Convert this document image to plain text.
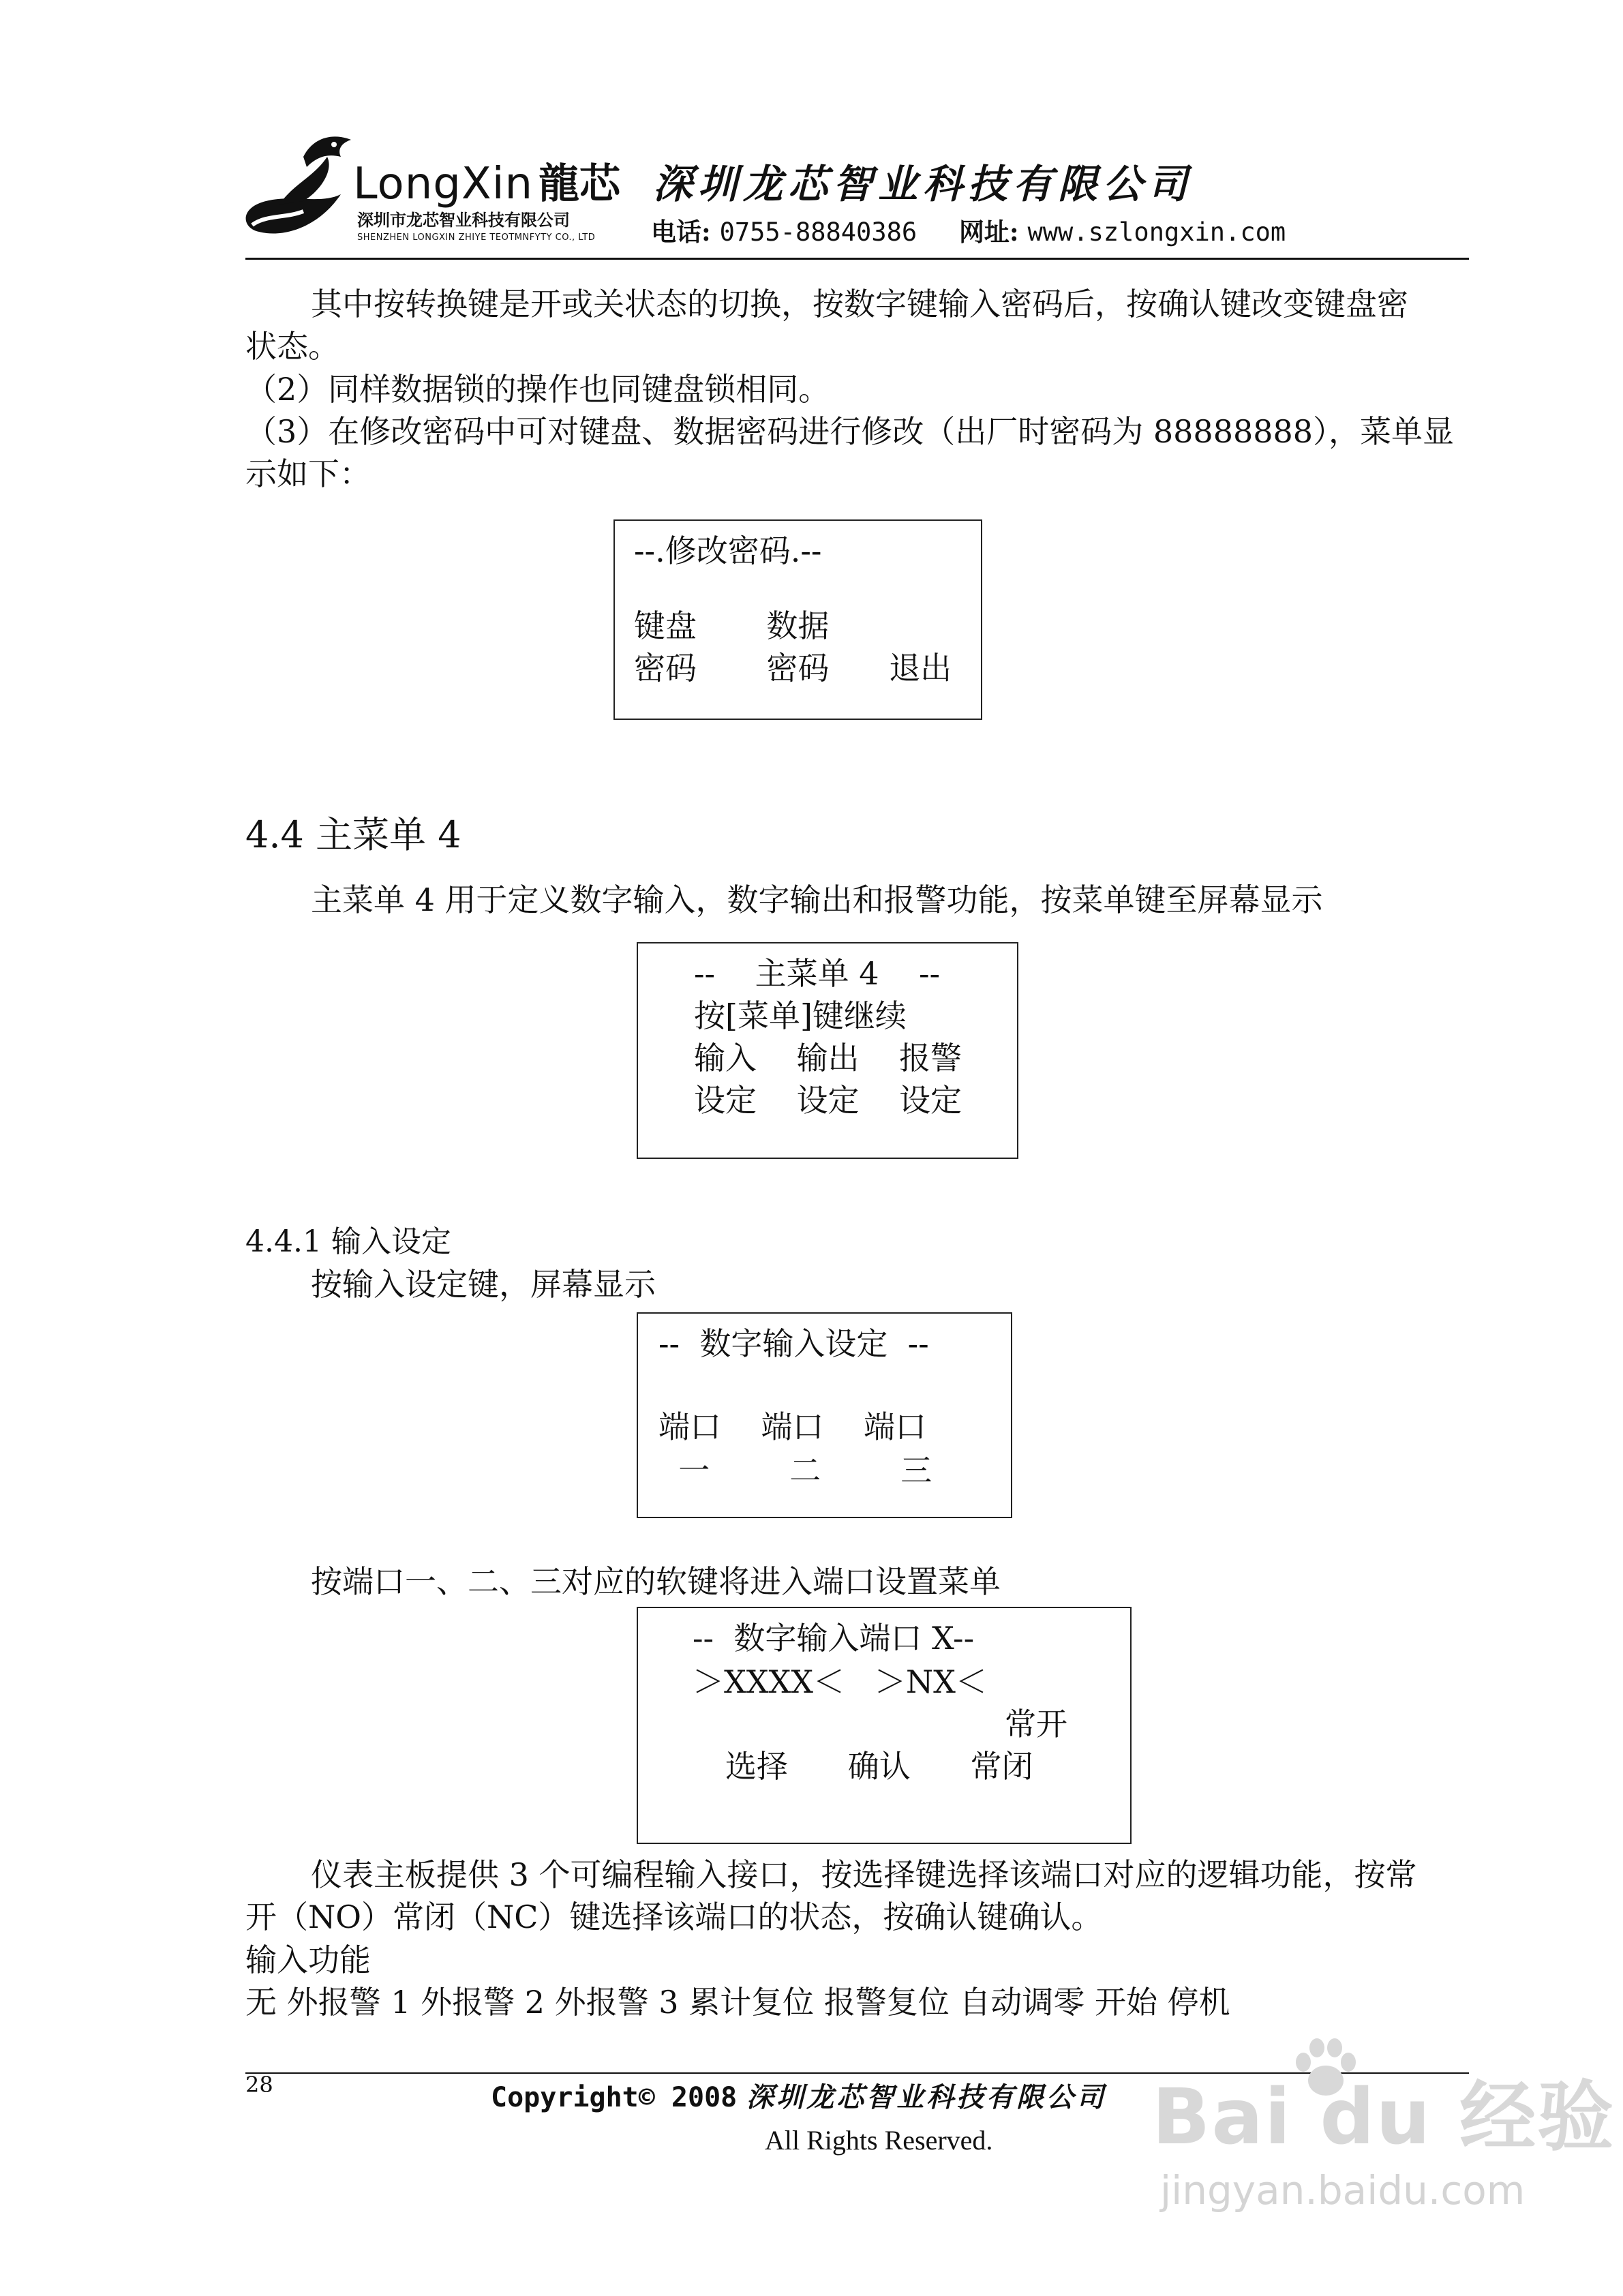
LongXin 龍芯
深圳市龙芯智业科技有限公司
SHENZHEN LONGXIN ZHIYE TEOTMNFYTY CO., LTD
深圳龙芯智业科技有限公司
电话: 0755-88840386 网址: www.szlongxin.com
其中按转换键是开或关状态的切换，按数字键输入密码后，按确认键改变键盘密
状态。
（2）同样数据锁的操作也同键盘锁相同。
（3）在修改密码中可对键盘、数据密码进行修改（出厂时密码为 88888888），菜单显
示如下：
--.修改密码.--
键盘       数据
密码       密码      退出
4.4 主菜单 4
主菜单 4 用于定义数字输入，数字输出和报警功能，按菜单键至屏幕显示
--    主菜单 4    --
按[菜单]键继续
输入    输出    报警
设定    设定    设定
4.4.1 输入设定
按输入设定键，屏幕显示
--  数字输入设定  --
端口    端口    端口
一        二        三
按端口一、二、三对应的软键将进入端口设置菜单
--  数字输入端口 X--
＞XXXX＜   ＞NX＜
常开
选择      确认      常闭
仪表主板提供 3 个可编程输入接口，按选择键选择该端口对应的逻辑功能，按常
开（NO）常闭（NC）键选择该端口的状态，按确认键确认。
输入功能
无 外报警 1 外报警 2 外报警 3 累计复位 报警复位 自动调零 开始 停机
28	Copyright© 2008 深圳龙芯智业科技有限公司
All Rights Reserved. Bai du 经验
jingyan.baidu.com
